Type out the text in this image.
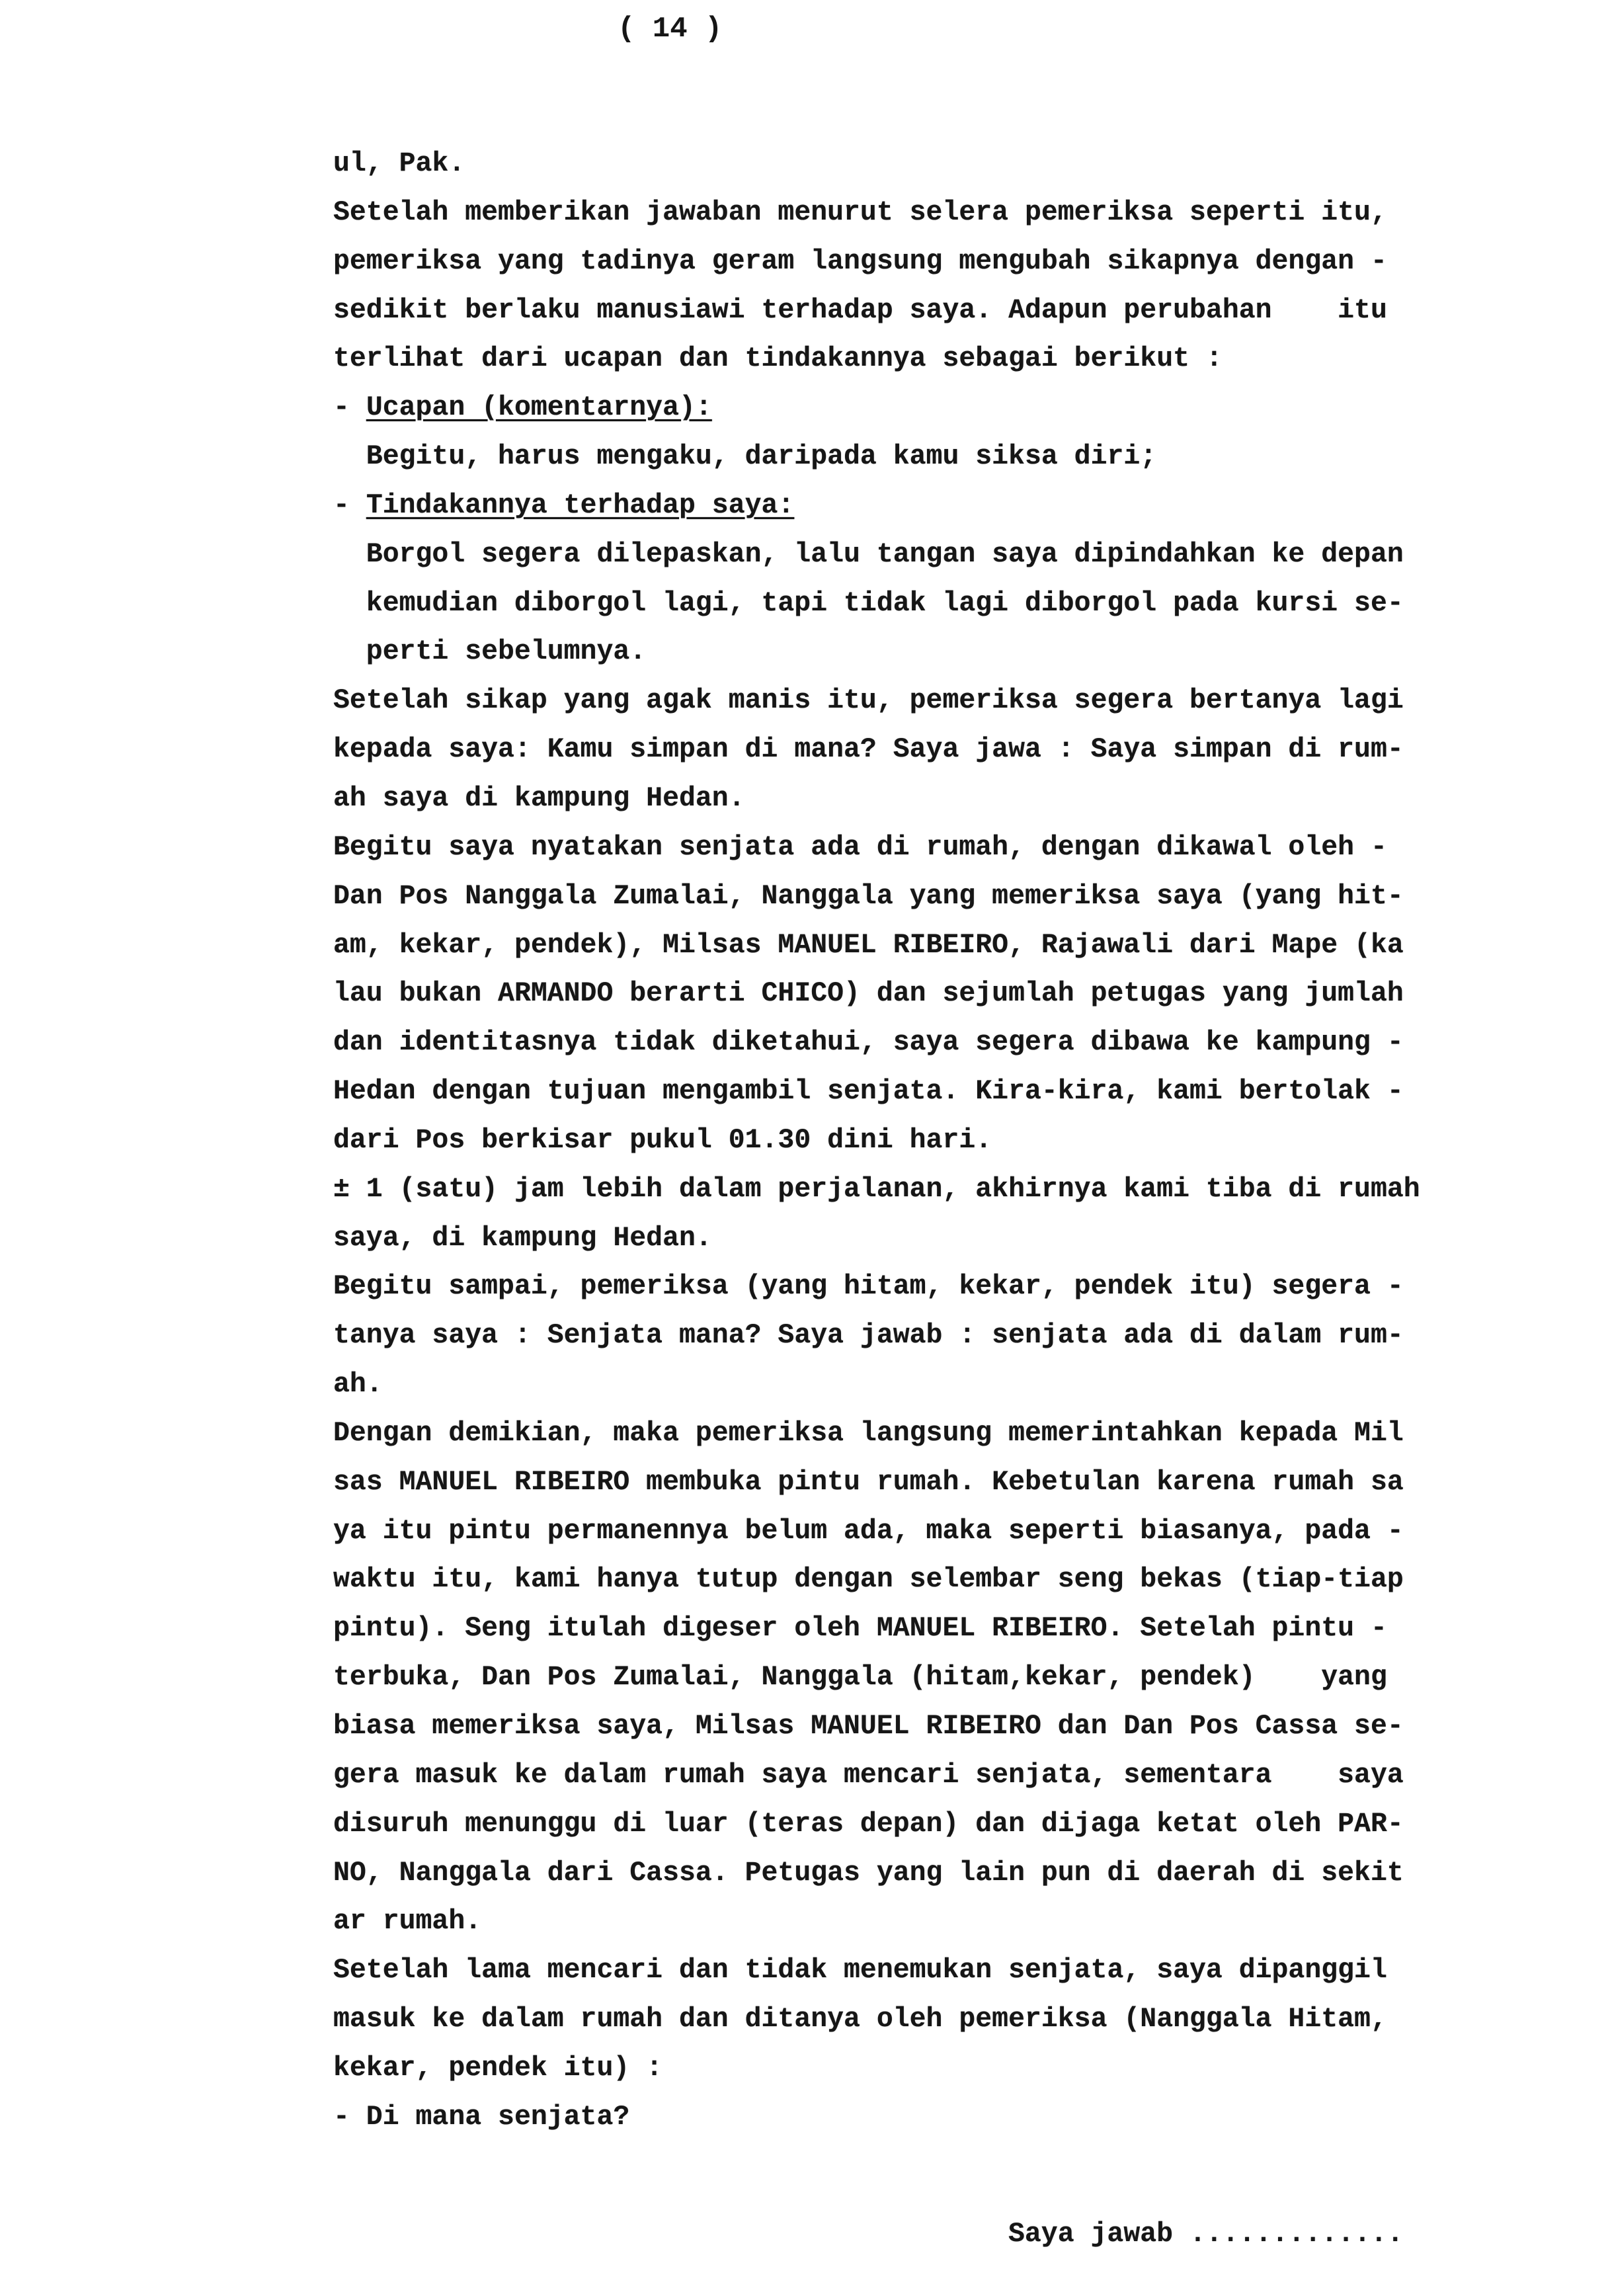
( 14 )
ul, Pak.
Setelah memberikan jawaban menurut selera pemeriksa seperti itu,
pemeriksa yang tadinya geram langsung mengubah sikapnya dengan -
sedikit berlaku manusiawi terhadap saya. Adapun perubahan    itu
terlihat dari ucapan dan tindakannya sebagai berikut :
- Ucapan (komentarnya):
Begitu, harus mengaku, daripada kamu siksa diri;
- Tindakannya terhadap saya:
Borgol segera dilepaskan, lalu tangan saya dipindahkan ke depan
kemudian diborgol lagi, tapi tidak lagi diborgol pada kursi se-
perti sebelumnya.
Setelah sikap yang agak manis itu, pemeriksa segera bertanya lagi
kepada saya: Kamu simpan di mana? Saya jawa : Saya simpan di rum-
ah saya di kampung Hedan.
Begitu saya nyatakan senjata ada di rumah, dengan dikawal oleh -
Dan Pos Nanggala Zumalai, Nanggala yang memeriksa saya (yang hit-
am, kekar, pendek), Milsas MANUEL RIBEIRO, Rajawali dari Mape (ka
lau bukan ARMANDO berarti CHICO) dan sejumlah petugas yang jumlah
dan identitasnya tidak diketahui, saya segera dibawa ke kampung -
Hedan dengan tujuan mengambil senjata. Kira-kira, kami bertolak -
dari Pos berkisar pukul 01.30 dini hari.
± 1 (satu) jam lebih dalam perjalanan, akhirnya kami tiba di rumah
saya, di kampung Hedan.
Begitu sampai, pemeriksa (yang hitam, kekar, pendek itu) segera -
tanya saya : Senjata mana? Saya jawab : senjata ada di dalam rum-
ah.
Dengan demikian, maka pemeriksa langsung memerintahkan kepada Mil
sas MANUEL RIBEIRO membuka pintu rumah. Kebetulan karena rumah sa
ya itu pintu permanennya belum ada, maka seperti biasanya, pada -
waktu itu, kami hanya tutup dengan selembar seng bekas (tiap-tiap
pintu). Seng itulah digeser oleh MANUEL RIBEIRO. Setelah pintu -
terbuka, Dan Pos Zumalai, Nanggala (hitam,kekar, pendek)    yang
biasa memeriksa saya, Milsas MANUEL RIBEIRO dan Dan Pos Cassa se-
gera masuk ke dalam rumah saya mencari senjata, sementara    saya
disuruh menunggu di luar (teras depan) dan dijaga ketat oleh PAR-
NO, Nanggala dari Cassa. Petugas yang lain pun di daerah di sekit
ar rumah.
Setelah lama mencari dan tidak menemukan senjata, saya dipanggil
masuk ke dalam rumah dan ditanya oleh pemeriksa (Nanggala Hitam,
kekar, pendek itu) :
- Di mana senjata?
Saya jawab .............
